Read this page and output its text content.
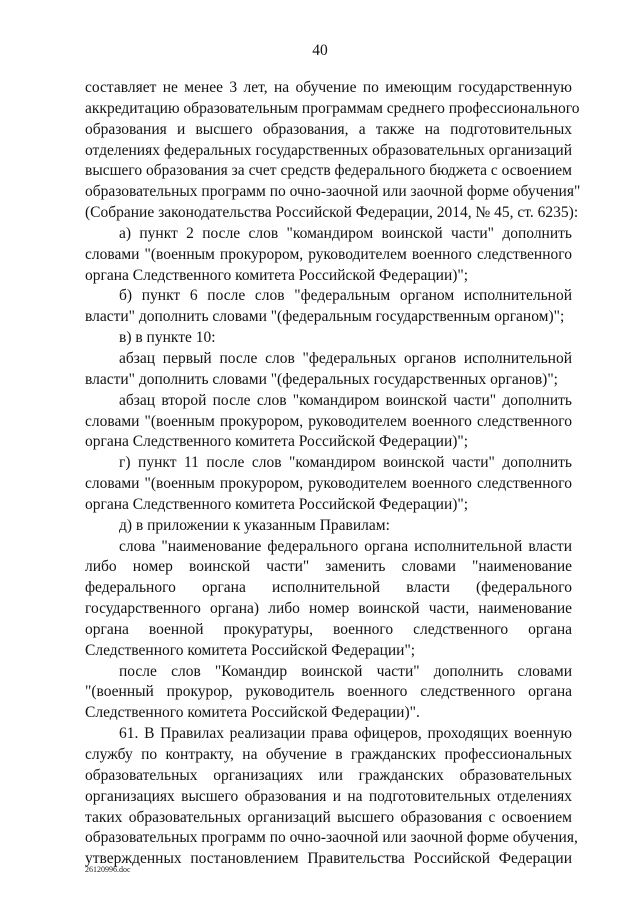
40
составляет не менее 3 лет, на обучение по имеющим государственную
аккредитацию образовательным программам среднего профессионального
образования и высшего образования, а также на подготовительных
отделениях федеральных государственных образовательных организаций
высшего образования за счет средств федерального бюджета с освоением
образовательных программ по очно-заочной или заочной форме обучения"
(Собрание законодательства Российской Федерации, 2014, № 45, ст. 6235):
а) пункт 2 после слов "командиром воинской части" дополнить
словами "(военным прокурором, руководителем военного следственного
органа Следственного комитета Российской Федерации)";
б) пункт 6 после слов "федеральным органом исполнительной
власти" дополнить словами "(федеральным государственным органом)";
в) в пункте 10:
абзац первый после слов "федеральных органов исполнительной
власти" дополнить словами "(федеральных государственных органов)";
абзац второй после слов "командиром воинской части" дополнить
словами "(военным прокурором, руководителем военного следственного
органа Следственного комитета Российской Федерации)";
г) пункт 11 после слов "командиром воинской части" дополнить
словами "(военным прокурором, руководителем военного следственного
органа Следственного комитета Российской Федерации)";
д) в приложении к указанным Правилам:
слова "наименование федерального органа исполнительной власти
либо номер воинской части" заменить словами "наименование
федерального органа исполнительной власти (федерального
государственного органа) либо номер воинской части, наименование
органа военной прокуратуры, военного следственного органа
Следственного комитета Российской Федерации";
после слов "Командир воинской части" дополнить словами
"(военный прокурор, руководитель военного следственного органа
Следственного комитета Российской Федерации)".
61. В Правилах реализации права офицеров, проходящих военную
службу по контракту, на обучение в гражданских профессиональных
образовательных организациях или гражданских образовательных
организациях высшего образования и на подготовительных отделениях
таких образовательных организаций высшего образования с освоением
образовательных программ по очно-заочной или заочной форме обучения,
утвержденных постановлением Правительства Российской Федерации
26120996.doc
